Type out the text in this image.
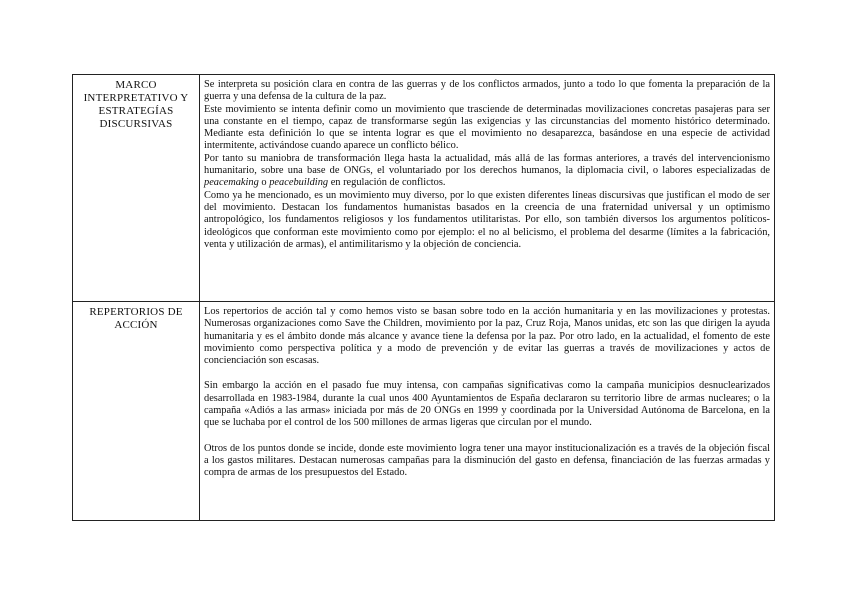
MARCO INTERPRETATIVO Y ESTRATEGÍAS DISCURSIVAS	Se interpreta su posición clara en contra de las guerras y de los conflictos armados, junto a todo lo que fomenta la preparación de la guerra y una defensa de la cultura de la paz.

Este movimiento se intenta definir como un movimiento que trasciende de determinadas movilizaciones concretas pasajeras para ser una constante en el tiempo, capaz de transformarse según las exigencias y las circunstancias del momento histórico determinado. Mediante esta definición lo que se intenta lograr es que el movimiento no desaparezca, basándose en una especie de actividad intermitente, activándose cuando aparece un conflicto bélico.

Por tanto su maniobra de transformación llega hasta la actualidad, más allá de las formas anteriores, a través del intervencionismo humanitario, sobre una base de ONGs, el voluntariado por los derechos humanos, la diplomacia civil, o labores especializadas de peacemaking o peacebuilding en regulación de conflictos.

Como ya he mencionado, es un movimiento muy diverso, por lo que existen diferentes líneas discursivas que justifican el modo de ser del movimiento. Destacan los fundamentos humanistas basados en la creencia de una fraternidad universal y un optimismo antropológico, los fundamentos religiosos y los fundamentos utilitaristas. Por ello, son también diversos los argumentos políticos-ideológicos que conforman este movimiento como por ejemplo: el no al belicismo, el problema del desarme (límites a la fabricación, venta y utilización de armas), el antimilitarismo y la objeción de conciencia.

REPERTORIOS DE ACCIÓN	Los repertorios de acción tal y como hemos visto se basan sobre todo en la acción humanitaria y en las movilizaciones y protestas. Numerosas organizaciones como Save the Children, movimiento por la paz, Cruz Roja, Manos unidas, etc son las que dirigen la ayuda humanitaria y es el ámbito donde más alcance y avance tiene la defensa por la paz. Por otro lado, en la actualidad, el fomento de este movimiento como perspectiva política y a modo de prevención y de evitar las guerras a través de movilizaciones y actos de concienciación son escasas.

Sin embargo la acción en el pasado fue muy intensa, con campañas significativas como la campaña municipios desnuclearizados desarrollada en 1983-1984, durante la cual unos 400 Ayuntamientos de España declararon su territorio libre de armas nucleares; o la campaña «Adiós a las armas» iniciada por más de 20 ONGs en 1999 y coordinada por la Universidad Autónoma de Barcelona, en la que se luchaba por el control de los 500 millones de armas ligeras que circulan por el mundo.

Otros de los puntos donde se incide, donde este movimiento logra tener una mayor institucionalización es a través de la objeción fiscal a los gastos militares. Destacan numerosas campañas para la disminución del gasto en defensa, financiación de las fuerzas armadas y compra de armas de los presupuestos del Estado.
